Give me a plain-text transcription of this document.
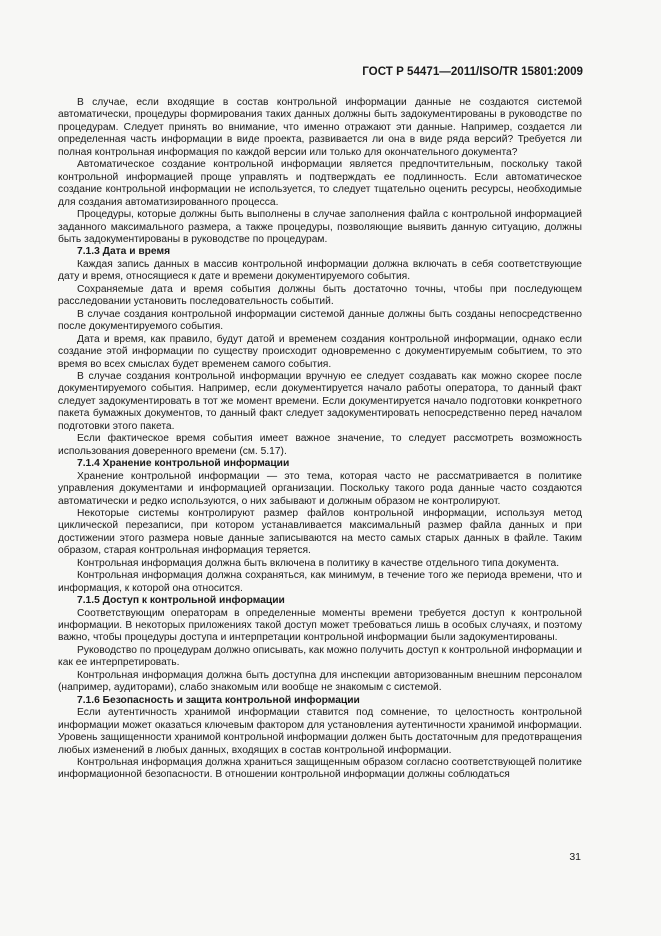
ГОСТ Р 54471—2011/ISO/TR 15801:2009

В случае, если входящие в состав контрольной информации данные не создаются системой автоматически, процедуры формирования таких данных должны быть задокументированы в руководстве по процедурам. Следует принять во внимание, что именно отражают эти данные. Например, создается ли определенная часть информации в виде проекта, развивается ли она в виде ряда версий? Требуется ли полная контрольная информация по каждой версии или только для окончательного документа?

Автоматическое создание контрольной информации является предпочтительным, поскольку такой контрольной информацией проще управлять и подтверждать ее подлинность. Если автоматическое создание контрольной информации не используется, то следует тщательно оценить ресурсы, необходимые для создания автоматизированного процесса.

Процедуры, которые должны быть выполнены в случае заполнения файла с контрольной информацией заданного максимального размера, а также процедуры, позволяющие выявить данную ситуацию, должны быть задокументированы в руководстве по процедурам.

7.1.3 Дата и время

Каждая запись данных в массив контрольной информации должна включать в себя соответствующие дату и время, относящиеся к дате и времени документируемого события.

Сохраняемые дата и время события должны быть достаточно точны, чтобы при последующем расследовании установить последовательность событий.

В случае создания контрольной информации системой данные должны быть созданы непосредственно после документируемого события.

Дата и время, как правило, будут датой и временем создания контрольной информации, однако если создание этой информации по существу происходит одновременно с документируемым событием, то это время во всех смыслах будет временем самого события.

В случае создания контрольной информации вручную ее следует создавать как можно скорее после документируемого события. Например, если документируется начало работы оператора, то данный факт следует задокументировать в тот же момент времени. Если документируется начало подготовки конкретного пакета бумажных документов, то данный факт следует задокументировать непосредственно перед началом подготовки этого пакета.

Если фактическое время события имеет важное значение, то следует рассмотреть возможность использования доверенного времени (см. 5.17).

7.1.4 Хранение контрольной информации

Хранение контрольной информации — это тема, которая часто не рассматривается в политике управления документами и информацией организации. Поскольку такого рода данные часто создаются автоматически и редко используются, о них забывают и должным образом не контролируют.

Некоторые системы контролируют размер файлов контрольной информации, используя метод циклической перезаписи, при котором устанавливается максимальный размер файла данных и при достижении этого размера новые данные записываются на место самых старых данных в файле. Таким образом, старая контрольная информация теряется.

Контрольная информация должна быть включена в политику в качестве отдельного типа документа.

Контрольная информация должна сохраняться, как минимум, в течение того же периода времени, что и информация, к которой она относится.

7.1.5 Доступ к контрольной информации

Соответствующим операторам в определенные моменты времени требуется доступ к контрольной информации. В некоторых приложениях такой доступ может требоваться лишь в особых случаях, и поэтому важно, чтобы процедуры доступа и интерпретации контрольной информации были задокументированы.

Руководство по процедурам должно описывать, как можно получить доступ к контрольной информации и как ее интерпретировать.

Контрольная информация должна быть доступна для инспекции авторизованным внешним персоналом (например, аудиторами), слабо знакомым или вообще не знакомым с системой.

7.1.6 Безопасность и защита контрольной информации

Если аутентичность хранимой информации ставится под сомнение, то целостность контрольной информации может оказаться ключевым фактором для установления аутентичности хранимой информации. Уровень защищенности хранимой контрольной информации должен быть достаточным для предотвращения любых изменений в любых данных, входящих в состав контрольной информации.

Контрольная информация должна храниться защищенным образом согласно соответствующей политике информационной безопасности. В отношении контрольной информации должны соблюдаться

31
